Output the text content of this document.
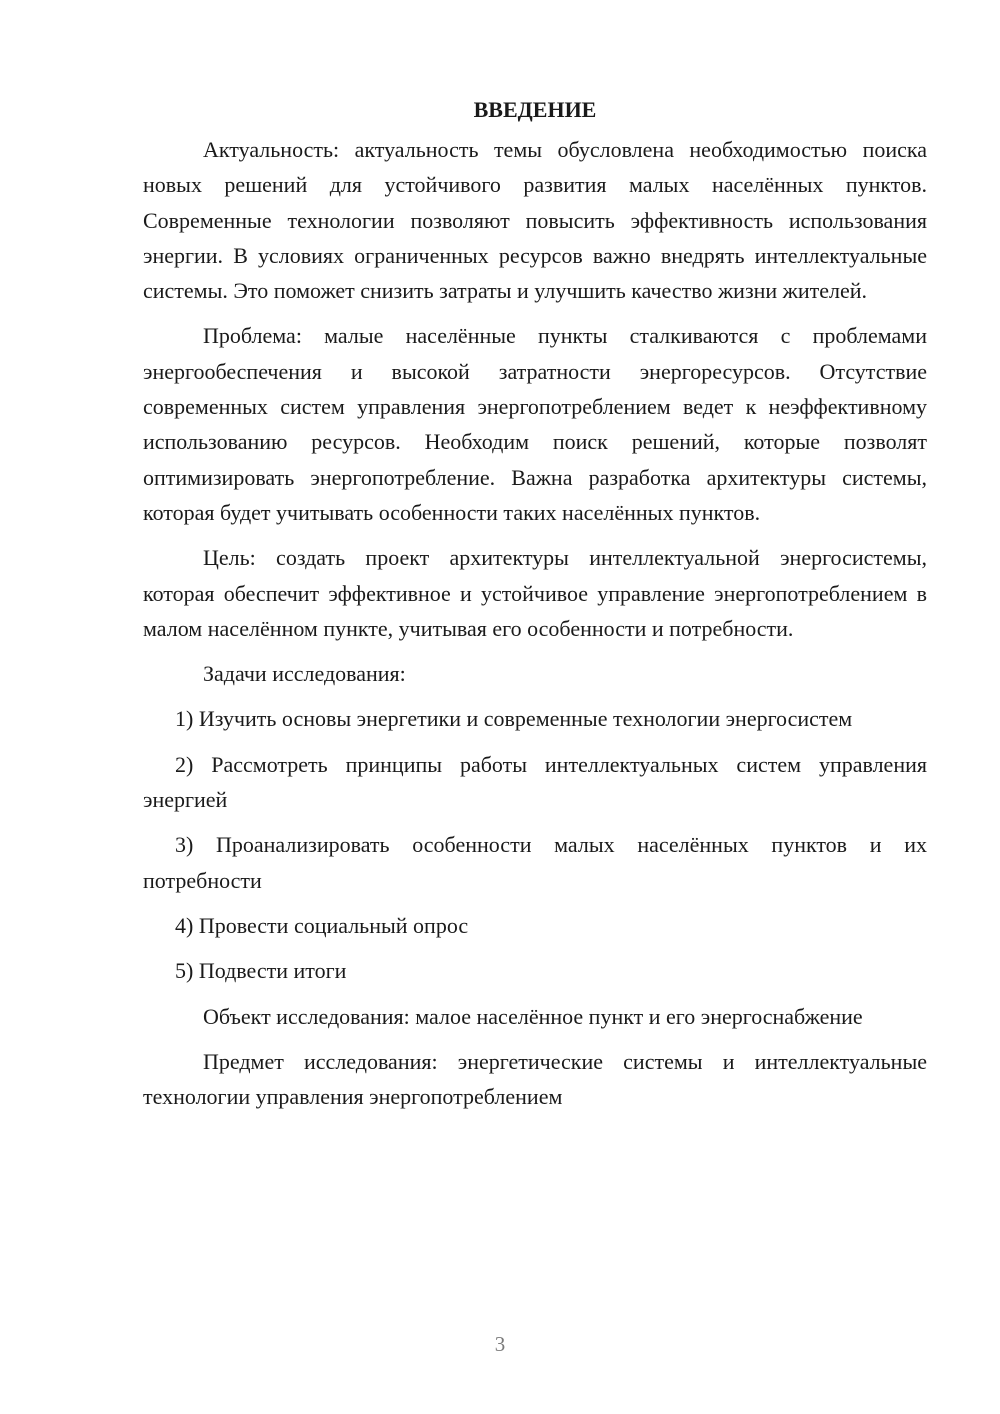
ВВЕДЕНИЕ

Актуальность: актуальность темы обусловлена необходимостью поиска новых решений для устойчивого развития малых населённых пунктов. Современные технологии позволяют повысить эффективность использования энергии. В условиях ограниченных ресурсов важно внедрять интеллектуальные системы. Это поможет снизить затраты и улучшить качество жизни жителей.

Проблема: малые населённые пункты сталкиваются с проблемами энергообеспечения и высокой затратности энергоресурсов. Отсутствие современных систем управления энергопотреблением ведет к неэффективному использованию ресурсов. Необходим поиск решений, которые позволят оптимизировать энергопотребление. Важна разработка архитектуры системы, которая будет учитывать особенности таких населённых пунктов.

Цель: создать проект архитектуры интеллектуальной энергосистемы, которая обеспечит эффективное и устойчивое управление энергопотреблением в малом населённом пункте, учитывая его особенности и потребности.

Задачи исследования:

1) Изучить основы энергетики и современные технологии энергосистем

2) Рассмотреть принципы работы интеллектуальных систем управления энергией

3) Проанализировать особенности малых населённых пунктов и их потребности

4) Провести социальный опрос

5) Подвести итоги

Объект исследования: малое населённое пункт и его энергоснабжение

Предмет исследования: энергетические системы и интеллектуальные технологии управления энергопотреблением

3
